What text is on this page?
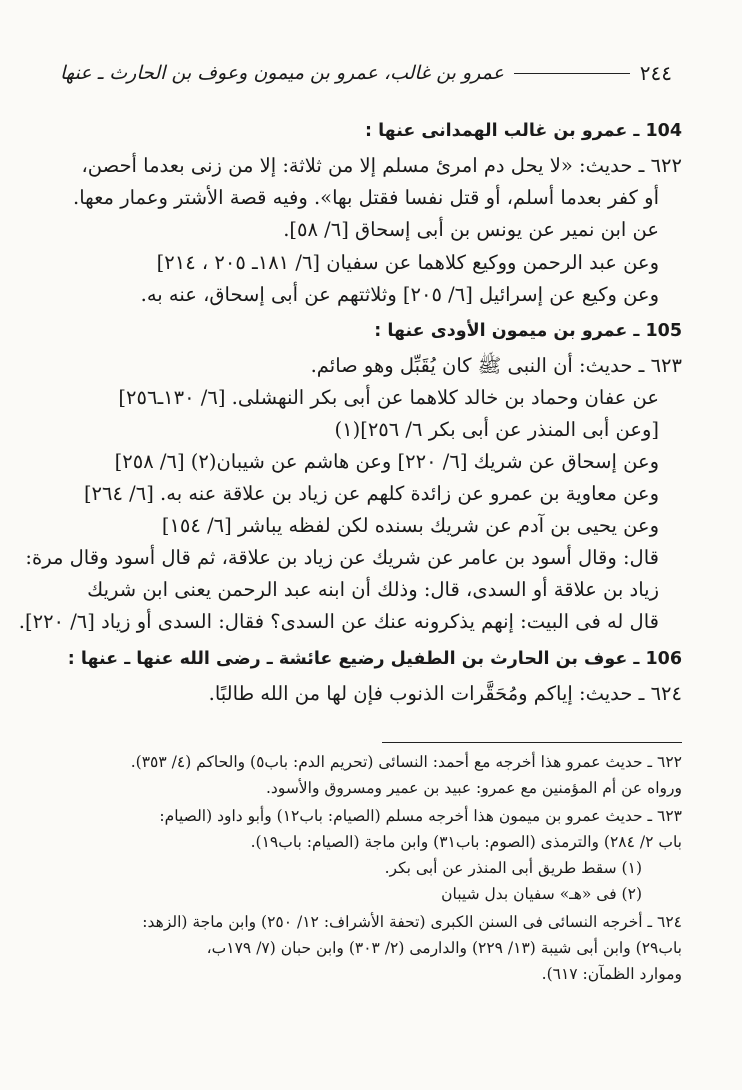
٢٤٤
عمرو بن غالب، عمرو بن ميمون وعوف بن الحارث ـ عنها
104 ـ عمرو بن غالب الهمدانى عنها :
٦٢٢ ـ حديث: «لا يحل دم امرئ مسلم إلا من ثلاثة: إلا من زنى بعدما أحصن،
أو كفر بعدما أسلم، أو قتل نفسا فقتل بها». وفيه قصة الأشتر وعمار معها.
عن ابن نمير عن يونس بن أبى إسحاق [٦/ ٥٨].
وعن عبد الرحمن ووكيع كلاهما عن سفيان [٦/ ١٨١ـ ٢٠٥ ، ٢١٤]
وعن وكيع عن إسرائيل [٦/ ٢٠٥] وثلاثتهم عن أبى إسحاق، عنه به.
105 ـ عمرو بن ميمون الأودى عنها :
٦٢٣ ـ حديث: أن النبى ﷺ كان يُقَبِّل وهو صائم.
عن عفان وحماد بن خالد كلاهما عن أبى بكر النهشلى. [٦/ ١٣٠ـ٢٥٦]
[وعن أبى المنذر عن أبى بكر ٦/ ٢٥٦](١)
وعن إسحاق عن شريك [٦/ ٢٢٠] وعن هاشم عن شيبان(٢) [٦/ ٢٥٨]
وعن معاوية بن عمرو عن زائدة كلهم عن زياد بن علاقة عنه به. [٦/ ٢٦٤]
وعن يحيى بن آدم عن شريك بسنده لكن لفظه يباشر [٦/ ١٥٤]
قال: وقال أسود بن عامر عن شريك عن زياد بن علاقة، ثم قال أسود وقال مرة:
زياد بن علاقة أو السدى، قال: وذلك أن ابنه عبد الرحمن يعنى ابن شريك
قال له فى البيت: إنهم يذكرونه عنك عن السدى؟ فقال: السدى أو زياد [٦/ ٢٢٠].
106 ـ عوف بن الحارث بن الطفيل رضيع عائشة ـ رضى الله عنها ـ عنها :
٦٢٤ ـ حديث: إياكم ومُحَقَّرات الذنوب فإن لها من الله طالبًا.
٦٢٢ ـ حديث عمرو هذا أخرجه مع أحمد: النسائى (تحريم الدم: باب٥) والحاكم (٤/ ٣٥٣).
ورواه عن أم المؤمنين مع عمرو: عبيد بن عمير ومسروق والأسود.
٦٢٣ ـ حديث عمرو بن ميمون هذا أخرجه مسلم (الصيام: باب١٢) وأبو داود (الصيام:
باب ٢/ ٢٨٤) والترمذى (الصوم: باب٣١) وابن ماجة (الصيام: باب١٩).
(١) سقط طريق أبى المنذر عن أبى بكر.
(٢) فى «هـ» سفيان بدل شيبان
٦٢٤ ـ أخرجه النسائى فى السنن الكبرى (تحفة الأشراف: ١٢/ ٢٥٠) وابن ماجة (الزهد:
باب٢٩) وابن أبى شيبة (١٣/ ٢٢٩) والدارمى (٢/ ٣٠٣) وابن حبان (٧/ ١٧٩ب،
وموارد الظمآن: ٦١٧).
